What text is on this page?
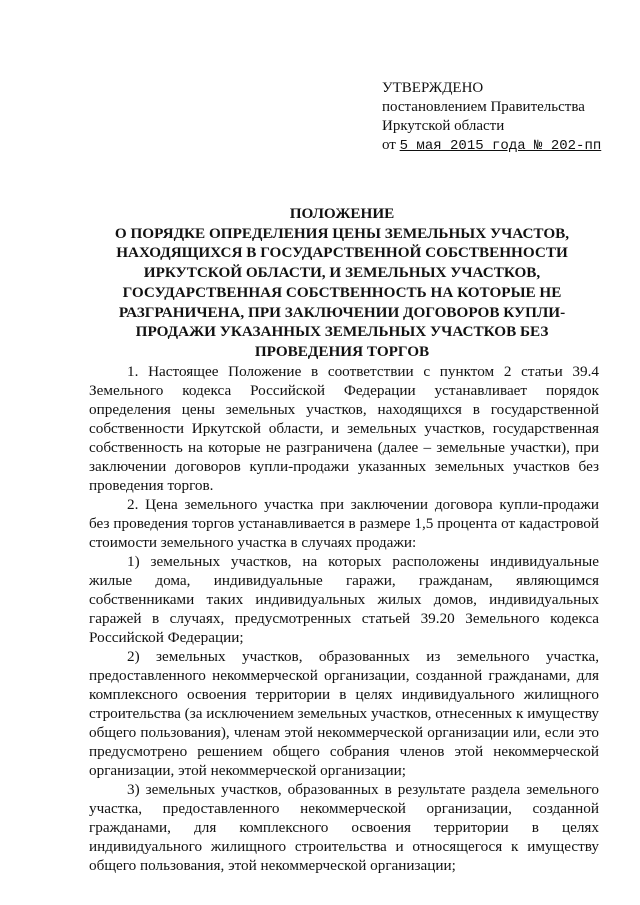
УТВЕРЖДЕНО
постановлением Правительства
Иркутской области
от 5 мая 2015 года № 202-пп
ПОЛОЖЕНИЕ
О ПОРЯДКЕ ОПРЕДЕЛЕНИЯ ЦЕНЫ ЗЕМЕЛЬНЫХ УЧАСТОВ,
НАХОДЯЩИХСЯ В ГОСУДАРСТВЕННОЙ СОБСТВЕННОСТИ
ИРКУТСКОЙ ОБЛАСТИ, И ЗЕМЕЛЬНЫХ УЧАСТКОВ,
ГОСУДАРСТВЕННАЯ СОБСТВЕННОСТЬ НА КОТОРЫЕ НЕ
РАЗГРАНИЧЕНА, ПРИ ЗАКЛЮЧЕНИИ ДОГОВОРОВ КУПЛИ-
ПРОДАЖИ УКАЗАННЫХ ЗЕМЕЛЬНЫХ УЧАСТКОВ БЕЗ
ПРОВЕДЕНИЯ ТОРГОВ

1. Настоящее Положение в соответствии с пунктом 2 статьи 39.4 Земельного кодекса Российской Федерации устанавливает порядок определения цены земельных участков, находящихся в государственной собственности Иркутской области, и земельных участков, государственная собственность на которые не разграничена (далее – земельные участки), при заключении договоров купли-продажи указанных земельных участков без проведения торгов.

2. Цена земельного участка при заключении договора купли-продажи без проведения торгов устанавливается в размере 1,5 процента от кадастровой стоимости земельного участка в случаях продажи:

1) земельных участков, на которых расположены индивидуальные жилые дома, индивидуальные гаражи, гражданам, являющимся собственниками таких индивидуальных жилых домов, индивидуальных гаражей в случаях, предусмотренных статьей 39.20 Земельного кодекса Российской Федерации;

2) земельных участков, образованных из земельного участка, предоставленного некоммерческой организации, созданной гражданами, для комплексного освоения территории в целях индивидуального жилищного строительства (за исключением земельных участков, отнесенных к имуществу общего пользования), членам этой некоммерческой организации или, если это предусмотрено решением общего собрания членов этой некоммерческой организации, этой некоммерческой организации;

3) земельных участков, образованных в результате раздела земельного участка, предоставленного некоммерческой организации, созданной гражданами, для комплексного освоения территории в целях индивидуального жилищного строительства и относящегося к имуществу общего пользования, этой некоммерческой организации;
